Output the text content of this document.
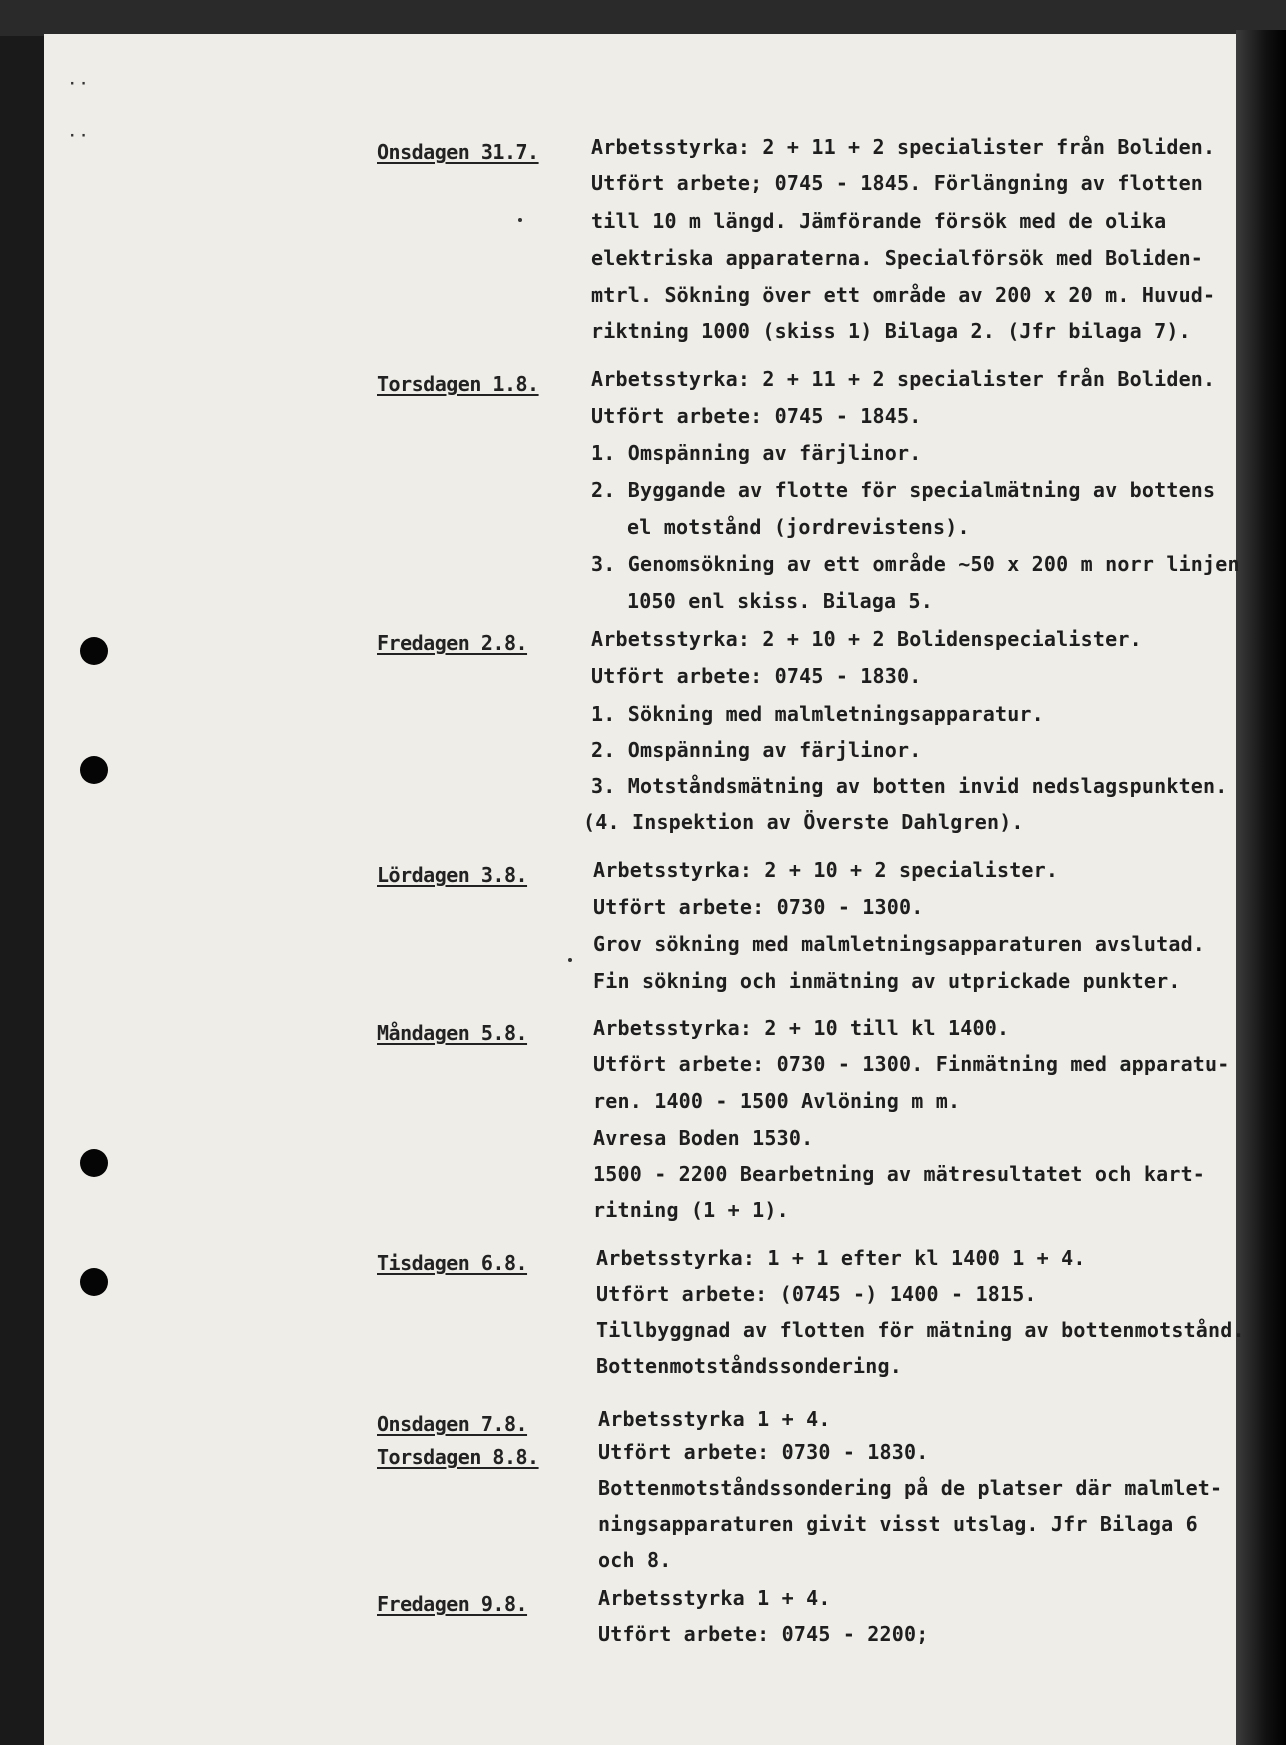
··
··
Onsdagen 31.7.	Arbetsstyrka: 2 + 11 + 2 specialister från Boliden.
Utfört arbete; 0745 - 1845. Förlängning av flotten
till 10 m längd. Jämförande försök med de olika
elektriska apparaterna. Specialförsök med Boliden-
mtrl. Sökning över ett område av 200 x 20 m. Huvud-
riktning 1000 (skiss 1) Bilaga 2. (Jfr bilaga 7).
Torsdagen 1.8.	Arbetsstyrka: 2 + 11 + 2 specialister från Boliden.
Utfört arbete: 0745 - 1845.
1. Omspänning av färjlinor.
2. Byggande av flotte för specialmätning av bottens
el motstånd (jordrevistens).
3. Genomsökning av ett område ~50 x 200 m norr linjen
1050 enl skiss. Bilaga 5.
Fredagen 2.8.	Arbetsstyrka: 2 + 10 + 2 Bolidenspecialister.
Utfört arbete: 0745 - 1830.
1. Sökning med malmletningsapparatur.
2. Omspänning av färjlinor.
3. Motståndsmätning av botten invid nedslagspunkten.
(4. Inspektion av Överste Dahlgren).
Lördagen 3.8.	Arbetsstyrka: 2 + 10 + 2 specialister.
Utfört arbete: 0730 - 1300.
Grov sökning med malmletningsapparaturen avslutad.
Fin sökning och inmätning av utprickade punkter.
Måndagen 5.8.	Arbetsstyrka: 2 + 10 till kl 1400.
Utfört arbete: 0730 - 1300. Finmätning med apparatu-
ren. 1400 - 1500 Avlöning m m.
Avresa Boden 1530.
1500 - 2200 Bearbetning av mätresultatet och kart-
ritning (1 + 1).
Tisdagen 6.8.	Arbetsstyrka: 1 + 1 efter kl 1400 1 + 4.
Utfört arbete: (0745 -) 1400 - 1815.
Tillbyggnad av flotten för mätning av bottenmotstånd.
Bottenmotståndssondering.
Onsdagen 7.8.	Arbetsstyrka 1 + 4.
Torsdagen 8.8.	Utfört arbete: 0730 - 1830.
Bottenmotståndssondering på de platser där malmlet-
ningsapparaturen givit visst utslag. Jfr Bilaga 6
och 8.
Fredagen 9.8.	Arbetsstyrka 1 + 4.
Utfört arbete: 0745 - 2200;
